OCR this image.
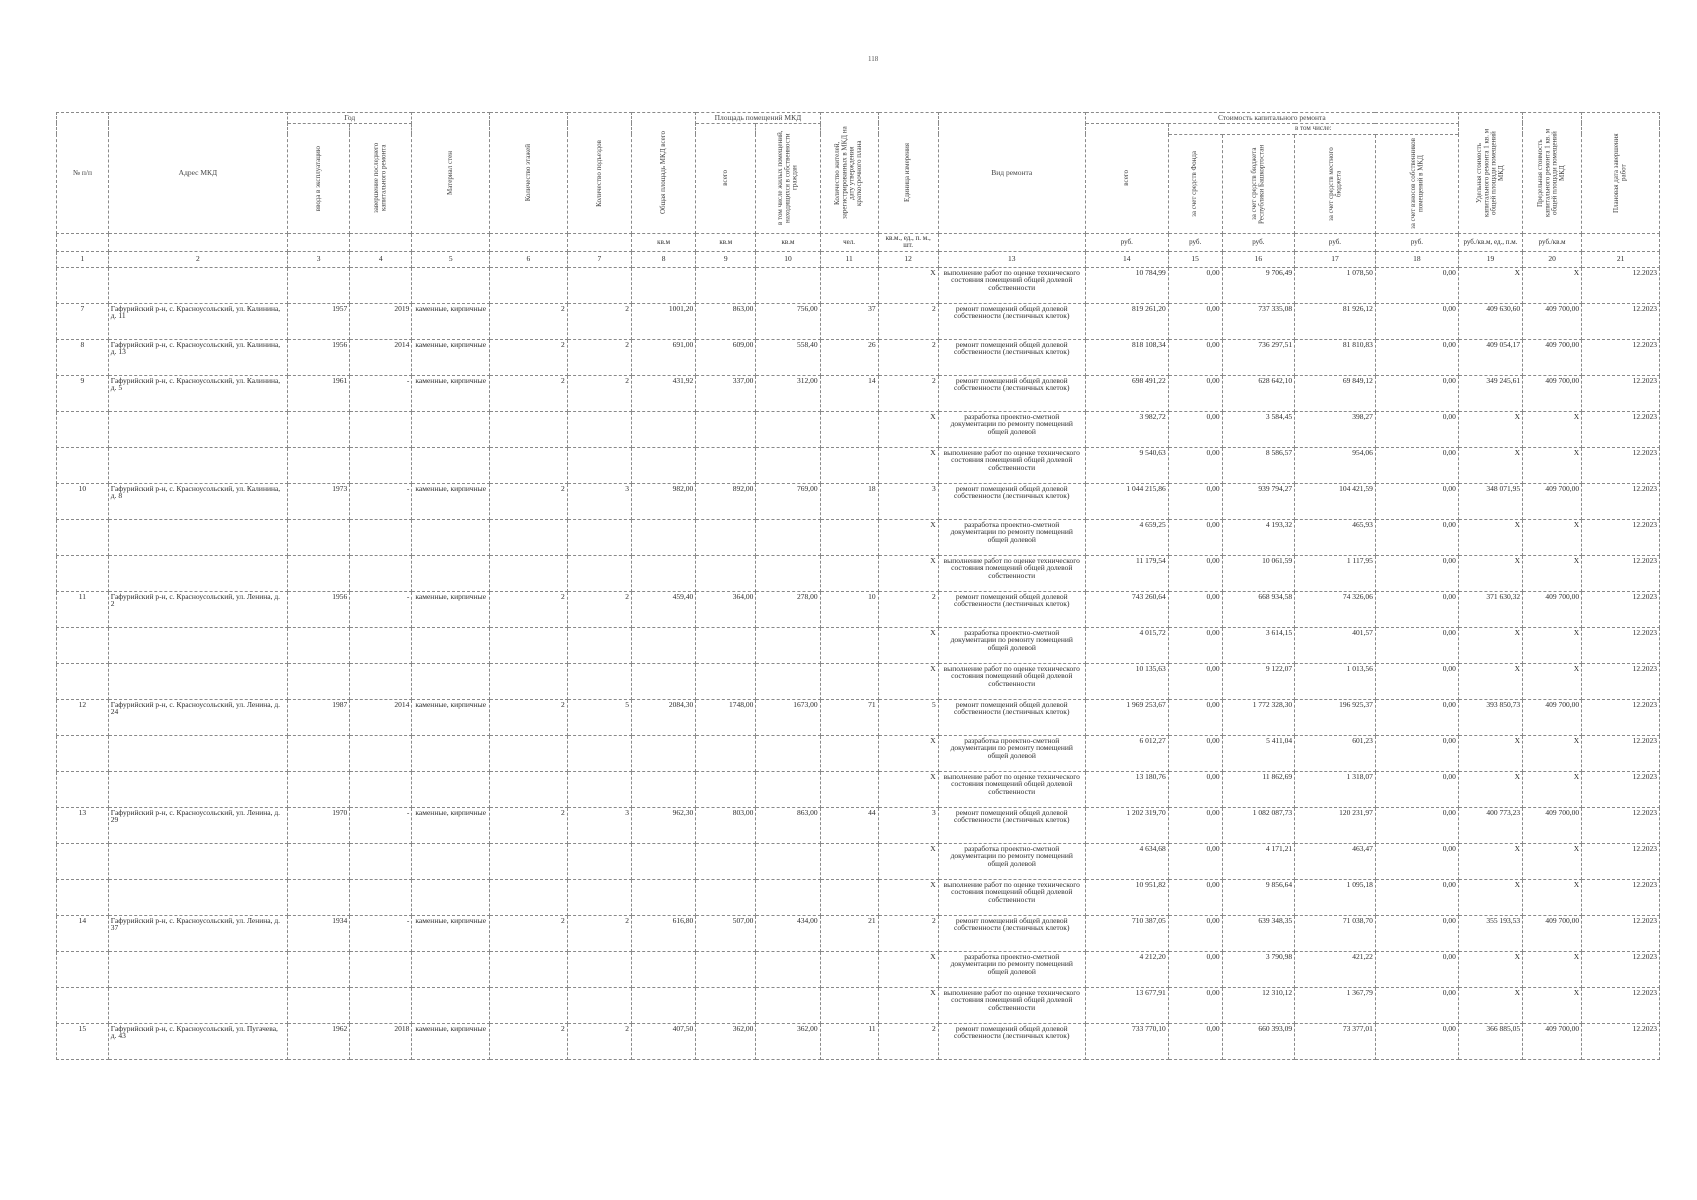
118
№ п/п	Адрес МКД	Год		Материал стен	Количество этажей	Количество подъездов	Общая площадь МКД всего	Площадь помещений МКД		Количество жителей, зарегистрированных в МКД на дату утверждения краткосрочного плана	Единица измерения	Вид ремонта	Стоимость капитального ремонта					Удельная стоимость капитального ремонта 1 кв. м общей площади помещений МКД	Предельная стоимость капитального ремонта 1 кв. м общей площади помещений МКД	Плановая дата завершения работ

		ввода в эксплуатацию	завершение последнего капитального ремонта					всего	в том числе жилых помещений, находящихся в собственности граждан				всего	в том числе:						

														за счет средств Фонда	за счет средств бюджета Республики Башкортостан	за счет средств местного бюджета	за счет взносов собственников помещений в МКД			

							кв.м	кв.м	кв.м	чел.	кв.м., ед., п. м., шт.		руб.	руб.	руб.	руб.	руб.	руб./кв.м, ед., п.м.	руб./кв.м	
1	2	3	4	5	6	7	8	9	10	11	12	13	14	15	16	17	18	19	20	21
											X	выполнение работ по оценке технического состояния помещений общей долевой собственности	10 784,99	0,00	9 706,49	1 078,50	0,00	X	X	12.2023
7	Гафурийский р-н, с. Красноусольский, ул. Калинина, д. 11	1957	2019	каменные, кирпичные	2	2	1001,20	863,00	756,00	37	2	ремонт помещений общей долевой собственности (лестничных клеток)	819 261,20	0,00	737 335,08	81 926,12	0,00	409 630,60	409 700,00	12.2023
8	Гафурийский р-н, с. Красноусольский, ул. Калинина, д. 13	1956	2014	каменные, кирпичные	2	2	691,00	609,00	558,40	26	2	ремонт помещений общей долевой собственности (лестничных клеток)	818 108,34	0,00	736 297,51	81 810,83	0,00	409 054,17	409 700,00	12.2023
9	Гафурийский р-н, с. Красноусольский, ул. Калинина, д. 5	1961	-	каменные, кирпичные	2	2	431,92	337,00	312,00	14	2	ремонт помещений общей долевой собственности (лестничных клеток)	698 491,22	0,00	628 642,10	69 849,12	0,00	349 245,61	409 700,00	12.2023
											X	разработка проектно-сметной документации по ремонту помещений общей долевой	3 982,72	0,00	3 584,45	398,27	0,00	X	X	12.2023
											X	выполнение работ по оценке технического состояния помещений общей долевой собственности	9 540,63	0,00	8 586,57	954,06	0,00	X	X	12.2023
10	Гафурийский р-н, с. Красноусольский, ул. Калинина, д. 8	1973	-	каменные, кирпичные	2	3	982,00	892,00	769,00	18	3	ремонт помещений общей долевой собственности (лестничных клеток)	1 044 215,86	0,00	939 794,27	104 421,59	0,00	348 071,95	409 700,00	12.2023
											X	разработка проектно-сметной документации по ремонту помещений общей долевой	4 659,25	0,00	4 193,32	465,93	0,00	X	X	12.2023
											X	выполнение работ по оценке технического состояния помещений общей долевой собственности	11 179,54	0,00	10 061,59	1 117,95	0,00	X	X	12.2023
11	Гафурийский р-н, с. Красноусольский, ул. Ленина, д. 2	1956	-	каменные, кирпичные	2	2	459,40	364,00	278,00	10	2	ремонт помещений общей долевой собственности (лестничных клеток)	743 260,64	0,00	668 934,58	74 326,06	0,00	371 630,32	409 700,00	12.2023
											X	разработка проектно-сметной документации по ремонту помещений общей долевой	4 015,72	0,00	3 614,15	401,57	0,00	X	X	12.2023
											X	выполнение работ по оценке технического состояния помещений общей долевой собственности	10 135,63	0,00	9 122,07	1 013,56	0,00	X	X	12.2023
12	Гафурийский р-н, с. Красноусольский, ул. Ленина, д. 24	1987	2014	каменные, кирпичные	2	5	2084,30	1748,00	1673,00	71	5	ремонт помещений общей долевой собственности (лестничных клеток)	1 969 253,67	0,00	1 772 328,30	196 925,37	0,00	393 850,73	409 700,00	12.2023
											X	разработка проектно-сметной документации по ремонту помещений общей долевой	6 012,27	0,00	5 411,04	601,23	0,00	X	X	12.2023
											X	выполнение работ по оценке технического состояния помещений общей долевой собственности	13 180,76	0,00	11 862,69	1 318,07	0,00	X	X	12.2023
13	Гафурийский р-н, с. Красноусольский, ул. Ленина, д. 29	1970	-	каменные, кирпичные	2	3	962,30	803,00	863,00	44	3	ремонт помещений общей долевой собственности (лестничных клеток)	1 202 319,70	0,00	1 082 087,73	120 231,97	0,00	400 773,23	409 700,00	12.2023
											X	разработка проектно-сметной документации по ремонту помещений общей долевой	4 634,68	0,00	4 171,21	463,47	0,00	X	X	12.2023
											X	выполнение работ по оценке технического состояния помещений общей долевой собственности	10 951,82	0,00	9 856,64	1 095,18	0,00	X	X	12.2023
14	Гафурийский р-н, с. Красноусольский, ул. Ленина, д. 37	1934	-	каменные, кирпичные	2	2	616,80	507,00	434,00	21	2	ремонт помещений общей долевой собственности (лестничных клеток)	710 387,05	0,00	639 348,35	71 038,70	0,00	355 193,53	409 700,00	12.2023
											X	разработка проектно-сметной документации по ремонту помещений общей долевой	4 212,20	0,00	3 790,98	421,22	0,00	X	X	12.2023
											X	выполнение работ по оценке технического состояния помещений общей долевой собственности	13 677,91	0,00	12 310,12	1 367,79	0,00	X	X	12.2023
15	Гафурийский р-н, с. Красноусольский, ул. Пугачева, д. 43	1962	2018	каменные, кирпичные	2	2	407,50	362,00	362,00	11	2	ремонт помещений общей долевой собственности (лестничных клеток)	733 770,10	0,00	660 393,09	73 377,01	0,00	366 885,05	409 700,00	12.2023
